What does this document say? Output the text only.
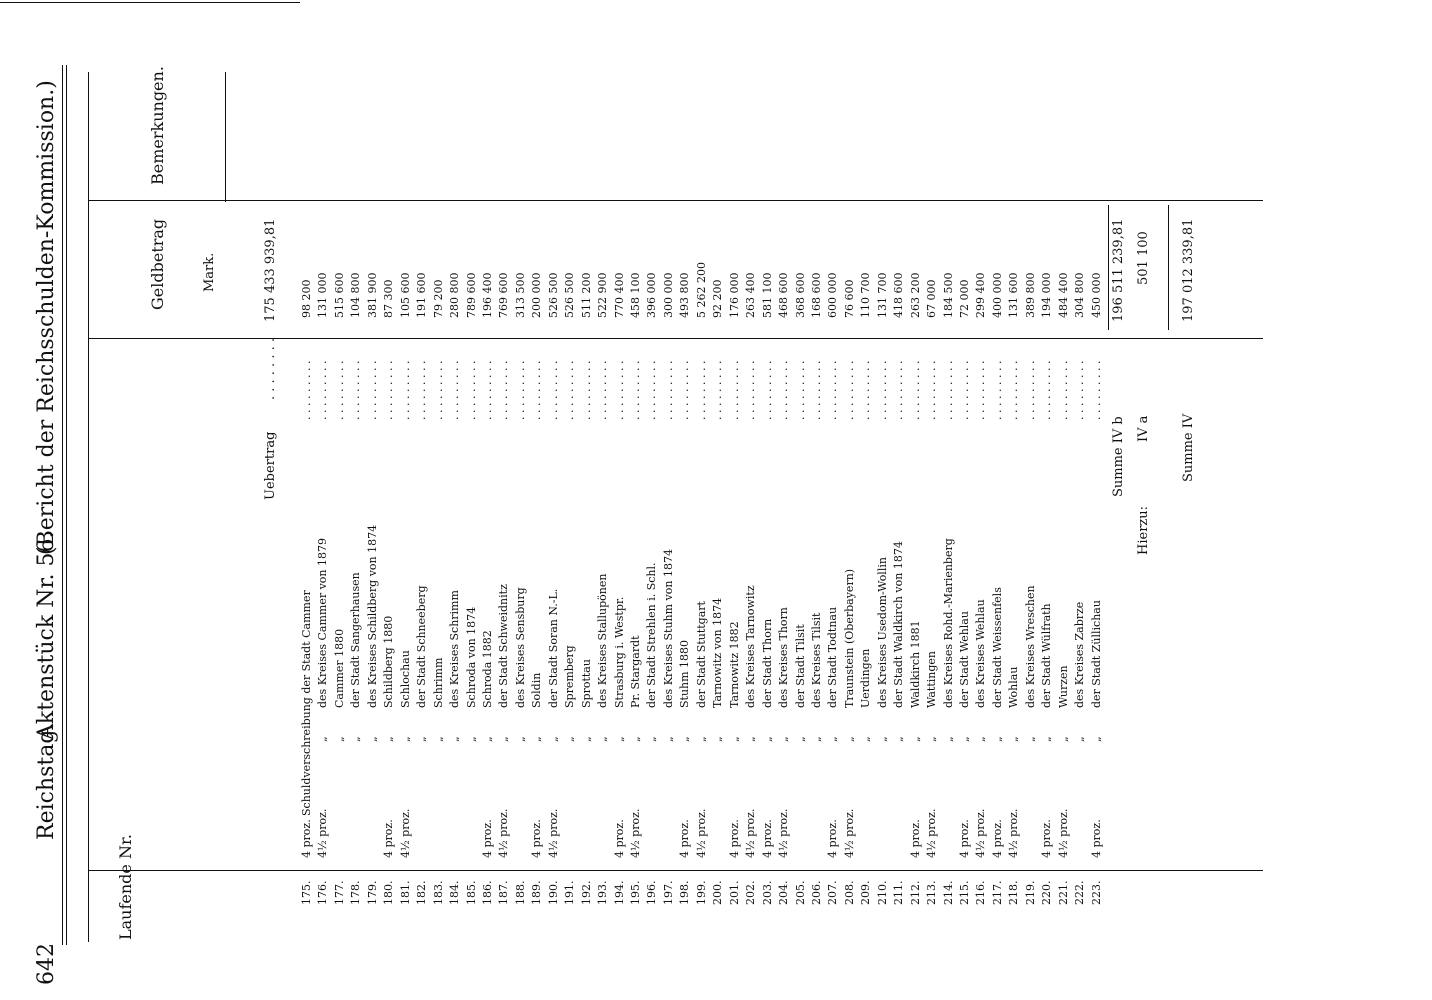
642
Reichstag.
Aktenstück Nr. 56.
(Bericht der Reichsschulden-Kommission.)
Laufende Nr.
Geldbetrag	Mark.
Bemerkungen.
Uebertrag
. . . . . . . .
175 433 939,81
175.
4 proz.
Schuldverschreibung der Stadt Cammer
. . . . . . . . .
98 200
176.
4½ proz.
„
des Kreises Cammer von 1879
. . . . . . . . .
131 000
177.
„
Cammer 1880
. . . . . . . . .
515 600
178.
„
der Stadt Sangerhausen
. . . . . . . . .
104 800
179.
„
des Kreises Schildberg von 1874
. . . . . . . . .
381 900
180.
4 proz.
„
Schildberg 1880
. . . . . . . . .
87 300
181.
4½ proz.
„
Schlochau
. . . . . . . . .
105 600
182.
„
der Stadt Schneeberg
. . . . . . . . .
191 600
183.
„
Schrimm
. . . . . . . . .
79 200
184.
„
des Kreises Schrimm
. . . . . . . . .
280 800
185.
„
Schroda von 1874
. . . . . . . . .
789 600
186.
4 proz.
„
Schroda 1882
. . . . . . . . .
196 400
187.
4½ proz.
„
der Stadt Schweidnitz
. . . . . . . . .
769 600
188.
„
des Kreises Sensburg
. . . . . . . . .
313 500
189.
4 proz.
„
Soldin
. . . . . . . . .
200 000
190.
4½ proz.
„
der Stadt Soran N.-L.
. . . . . . . . .
526 500
191.
„
Spremberg
. . . . . . . . .
526 500
192.
„
Sprottau
. . . . . . . . .
511 200
193.
„
des Kreises Stallupönen
. . . . . . . . .
522 900
194.
4 proz.
„
Strasburg i. Westpr.
. . . . . . . . .
770 400
195.
4½ proz.
„
Pr. Stargardt
. . . . . . . . .
458 100
196.
„
der Stadt Strehlen i. Schl.
. . . . . . . . .
396 000
197.
„
des Kreises Stuhm von 1874
. . . . . . . . .
300 000
198.
4 proz.
„
Stuhm 1880
. . . . . . . . .
493 800
199.
4½ proz.
„
der Stadt Stuttgart
. . . . . . . . .
5 262 200
200.
„
Tarnowitz von 1874
. . . . . . . . .
92 200
201.
4 proz.
„
Tarnowitz 1882
. . . . . . . . .
176 000
202.
4½ proz.
„
des Kreises Tarnowitz
. . . . . . . . .
263 400
203.
4 proz.
„
der Stadt Thorn
. . . . . . . . .
581 100
204.
4½ proz.
„
des Kreises Thorn
. . . . . . . . .
468 600
205.
„
der Stadt Tilsit
. . . . . . . . .
368 600
206.
„
des Kreises Tilsit
. . . . . . . . .
168 600
207.
4 proz.
„
der Stadt Todtnau
. . . . . . . . .
600 000
208.
4½ proz.
„
Traunstein (Oberbayern)
. . . . . . . . .
76 600
209.
„
Uerdingen
. . . . . . . . .
110 700
210.
„
des Kreises Usedom-Wollin
. . . . . . . . .
131 700
211.
„
der Stadt Waldkirch von 1874
. . . . . . . . .
418 600
212.
4 proz.
„
Waldkirch 1881
. . . . . . . . .
263 200
213.
4½ proz.
„
Wattingen
. . . . . . . . .
67 000
214.
„
des Kreises Rohd.-Marienberg
. . . . . . . . .
184 500
215.
4 proz.
„
der Stadt Wehlau
. . . . . . . . .
72 000
216.
4½ proz.
„
des Kreises Wehlau
. . . . . . . . .
299 400
217.
4 proz.
„
der Stadt Weissenfels
. . . . . . . . .
400 000
218.
4½ proz.
„
Wohlau
. . . . . . . . .
131 600
219.
„
des Kreises Wreschen
. . . . . . . . .
389 800
220.
4 proz.
„
der Stadt Wülfrath
. . . . . . . . .
194 000
221.
4½ proz.
„
Wurzen
. . . . . . . . .
484 400
222.
„
des Kreises Zabrze
. . . . . . . . .
304 800
223.
4 proz.
„
der Stadt Züllichau
. . . . . . . . .
450 000
Summe IV b
196 511 239,81
Hierzu:
IV a
501 100
Summe IV
197 012 339,81
